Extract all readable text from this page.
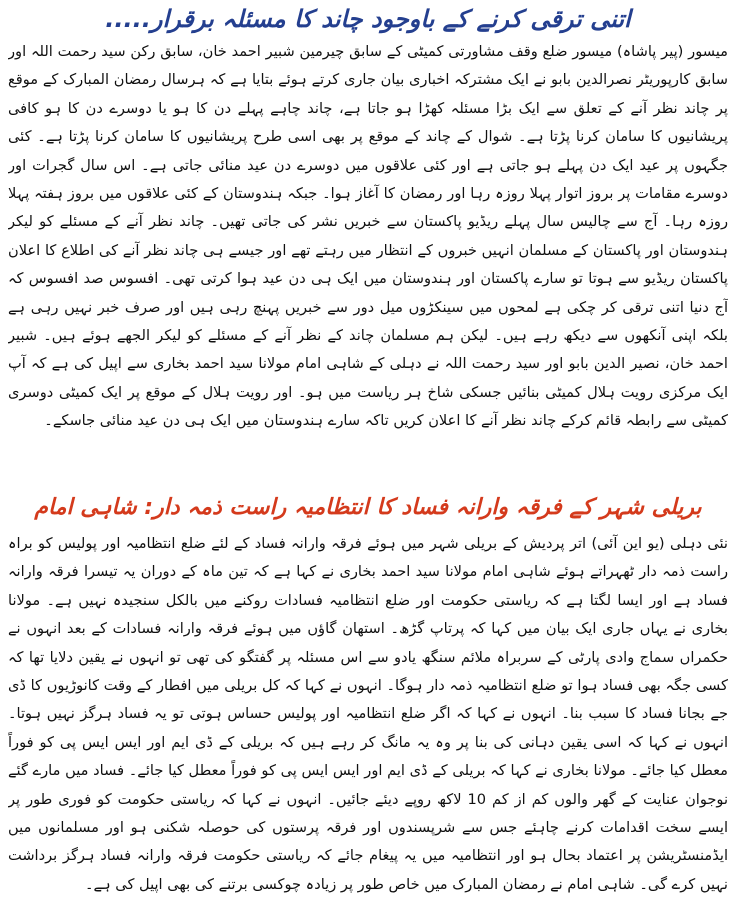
اتنی ترقی کرنے کے باوجود چاند کا مسئلہ برقرار.....

میسور (پیر پاشاہ) میسور ضلع وقف مشاورتی کمیٹی کے سابق چیرمین شبیر احمد خان، سابق رکن سید رحمت اللہ اور سابق کارپوریٹر نصرالدین بابو نے ایک مشترکہ اخباری بیان جاری کرتے ہوئے بتایا ہے کہ ہرسال رمضان المبارک کے موقع پر چاند نظر آنے کے تعلق سے ایک بڑا مسئلہ کھڑا ہو جاتا ہے، چاند چاہے پہلے دن کا ہو یا دوسرے دن کا ہو کافی پریشانیوں کا سامان کرنا پڑتا ہے۔ شوال کے چاند کے موقع پر بھی اسی طرح پریشانیوں کا سامان کرنا پڑتا ہے۔ کئی جگہوں پر عید ایک دن پہلے ہو جاتی ہے اور کئی علاقوں میں دوسرے دن عید منائی جاتی ہے۔ اس سال گجرات اور دوسرے مقامات پر بروز اتوار پہلا روزہ رہا اور رمضان کا آغاز ہوا۔ جبکہ ہندوستان کے کئی علاقوں میں بروز ہفتہ پہلا روزہ رہا۔ آج سے چالیس سال پہلے ریڈیو پاکستان سے خبریں نشر کی جاتی تھیں۔ چاند نظر آنے کے مسئلے کو لیکر ہندوستان اور پاکستان کے مسلمان انہیں خبروں کے انتظار میں رہتے تھے اور جیسے ہی چاند نظر آنے کی اطلاع کا اعلان پاکستان ریڈیو سے ہوتا تو سارے پاکستان اور ہندوستان میں ایک ہی دن عید ہوا کرتی تھی۔ افسوس صد افسوس کہ آج دنیا اتنی ترقی کر چکی ہے لمحوں میں سینکڑوں میل دور سے خبریں پہنچ رہی ہیں اور صرف خبر نہیں رہی ہے بلکہ اپنی آنکھوں سے دیکھ رہے ہیں۔ لیکن ہم مسلمان چاند کے نظر آنے کے مسئلے کو لیکر الجھے ہوئے ہیں۔ شبیر احمد خان، نصیر الدین بابو اور سید رحمت اللہ نے دہلی کے شاہی امام مولانا سید احمد بخاری سے اپیل کی ہے کہ آپ ایک مرکزی رویت ہلال کمیٹی بنائیں جسکی شاخ ہر ریاست میں ہو۔ اور رویت ہلال کے موقع پر ایک کمیٹی دوسری کمیٹی سے رابطہ قائم کرکے چاند نظر آنے کا اعلان کریں تاکہ سارے ہندوستان میں ایک ہی دن عید منائی جاسکے۔

بریلی شہر کے فرقہ وارانہ فساد کا انتظامیہ راست ذمہ دار: شاہی امام

نئی دہلی (یو این آئی) اتر پردیش کے بریلی شہر میں ہوئے فرقہ وارانہ فساد کے لئے ضلع انتظامیہ اور پولیس کو براہ راست ذمہ دار ٹھہراتے ہوئے شاہی امام مولانا سید احمد بخاری نے کہا ہے کہ تین ماہ کے دوران یہ تیسرا فرقہ وارانہ فساد ہے اور ایسا لگتا ہے کہ ریاستی حکومت اور ضلع انتظامیہ فسادات روکنے میں بالکل سنجیدہ نہیں ہے۔ مولانا بخاری نے یہاں جاری ایک بیان میں کہا کہ پرتاپ گڑھ۔ استھان گاؤں میں ہوئے فرقہ وارانہ فسادات کے بعد انہوں نے حکمراں سماج وادی پارٹی کے سربراہ ملائم سنگھ یادو سے اس مسئلہ پر گفتگو کی تھی تو انہوں نے یقین دلایا تھا کہ کسی جگہ بھی فساد ہوا تو ضلع انتظامیہ ذمہ دار ہوگا۔ انہوں نے کہا کہ کل بریلی میں افطار کے وقت کانوڑیوں کا ڈی جے بجانا فساد کا سبب بنا۔ انہوں نے کہا کہ اگر ضلع انتظامیہ اور پولیس حساس ہوتی تو یہ فساد ہرگز نہیں ہوتا۔ انہوں نے کہا کہ اسی یقین دہانی کی بنا پر وہ یہ مانگ کر رہے ہیں کہ بریلی کے ڈی ایم اور ایس ایس پی کو فوراً معطل کیا جائے۔ مولانا بخاری نے کہا کہ بریلی کے ڈی ایم اور ایس ایس پی کو فوراً معطل کیا جائے۔ فساد میں مارے گئے نوجوان عنایت کے گھر والوں کم از کم 10 لاکھ روپے دیئے جائیں۔ انہوں نے کہا کہ ریاستی حکومت کو فوری طور پر ایسے سخت اقدامات کرنے چاہئے جس سے شرپسندوں اور فرقہ پرستوں کی حوصلہ شکنی ہو اور مسلمانوں میں ایڈمنسٹریشن پر اعتماد بحال ہو اور انتظامیہ میں یہ پیغام جائے کہ ریاستی حکومت فرقہ وارانہ فساد ہرگز برداشت نہیں کرے گی۔ شاہی امام نے رمضان المبارک میں خاص طور پر زیادہ چوکسی برتنے کی بھی اپیل کی ہے۔
